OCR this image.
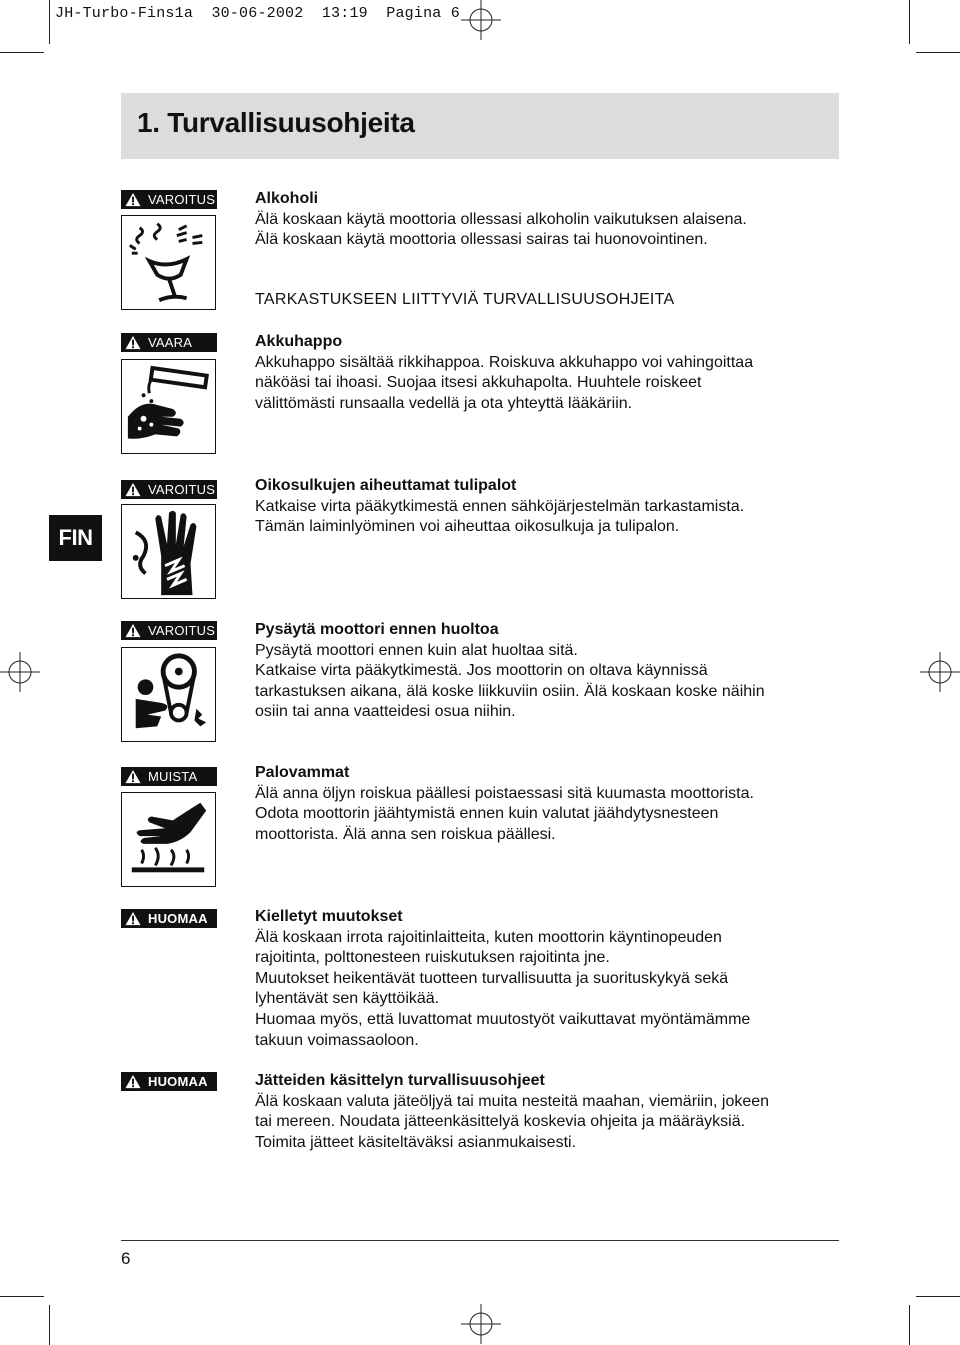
JH-Turbo-Fins1a 30-06-2002 13:19 Pagina 6
1. Turvallisuusohjeita
FIN
VAROITUS Alkoholi

Älä koskaan käytä moottoria ollessasi alkoholin vaikutuksen alaisena.

Älä koskaan käytä moottoria ollessasi sairas tai huonovointinen.

TARKASTUKSEEN LIITTYVIÄ TURVALLISUUSOHJEITA
VAARA	Akkuhappo

Akkuhappo sisältää rikkihappoa. Roiskuva akkuhappo voi vahingoittaa

näköäsi tai ihoasi. Suojaa itsesi akkuhapolta. Huuhtele roiskeet

välittömästi runsaalla vedellä ja ota yhteyttä lääkäriin.

VAROITUS Oikosulkujen aiheuttamat tulipalot

Katkaise virta pääkytkimestä ennen sähköjärjestelmän tarkastamista.

Tämän laiminlyöminen voi aiheuttaa oikosulkuja ja tulipalon.

VAROITUS Pysäytä moottori ennen huoltoa

Pysäytä moottori ennen kuin alat huoltaa sitä.

Katkaise virta pääkytkimestä. Jos moottorin on oltava käynnissä

tarkastuksen aikana, älä koske liikkuviin osiin. Älä koskaan koske näihin

osiin tai anna vaatteidesi osua niihin.

MUISTA	Palovammat

Älä anna öljyn roiskua päällesi poistaessasi sitä kuumasta moottorista.

Odota moottorin jäähtymistä ennen kuin valutat jäähdytysnesteen

moottorista. Älä anna sen roiskua päällesi.

HUOMAA	Kielletyt muutokset

Älä koskaan irrota rajoitinlaitteita, kuten moottorin käyntinopeuden

rajoitinta, polttonesteen ruiskutuksen rajoitinta jne.

Muutokset heikentävät tuotteen turvallisuutta ja suorituskykyä sekä

lyhentävät sen käyttöikää.

Huomaa myös, että luvattomat muutostyöt vaikuttavat myöntämämme

takuun voimassaoloon.

HUOMAA	Jätteiden käsittelyn turvallisuusohjeet

Älä koskaan valuta jäteöljyä tai muita nesteitä maahan, viemäriin, jokeen

tai mereen. Noudata jätteenkäsittelyä koskevia ohjeita ja määräyksiä.

Toimita jätteet käsiteltäväksi asianmukaisesti.

6
